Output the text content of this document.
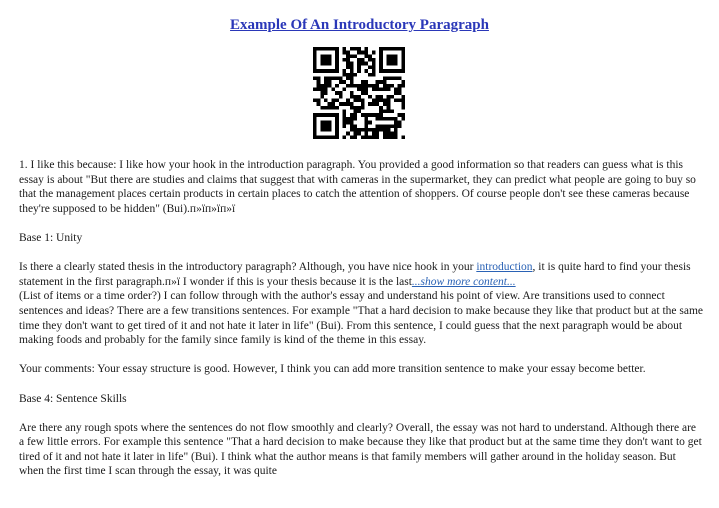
Example Of An Introductory Paragraph

1. I like this because: I like how your hook in the introduction paragraph. You provided a good information so that readers can guess what is this essay is about "But there are studies and claims that suggest that with cameras in the supermarket, they can predict what people are going to buy so that the management places certain products in certain places to catch the attention of shoppers. Of course people don't see these cameras because they're supposed to be hidden" (Bui).п»їп»їп»ї

Base 1: Unity

Is there a clearly stated thesis in the introductory paragraph? Although, you have nice hook in your introduction, it is quite hard to find your thesis statement in the first paragraph.п»ї I wonder if this is your thesis because it is the last...show more content...

(List of items or a time order?) I can follow through with the author's essay and understand his point of view. Are transitions used to connect sentences and ideas? There are a few transitions sentences. For example "That a hard decision to make because they like that product but at the same time they don't want to get tired of it and not hate it later in life" (Bui). From this sentence, I could guess that the next paragraph would be about making foods and probably for the family since family is kind of the theme in this essay.

Your comments: Your essay structure is good. However, I think you can add more transition sentence to make your essay become better.

Base 4: Sentence Skills

Are there any rough spots where the sentences do not flow smoothly and clearly? Overall, the essay was not hard to understand. Although there are a few little errors. For example this sentence "That a hard decision to make because they like that product but at the same time they don't want to get tired of it and not hate it later in life" (Bui). I think what the author means is that family members will gather around in the holiday season. But when the first time I scan through the essay, it was quite
